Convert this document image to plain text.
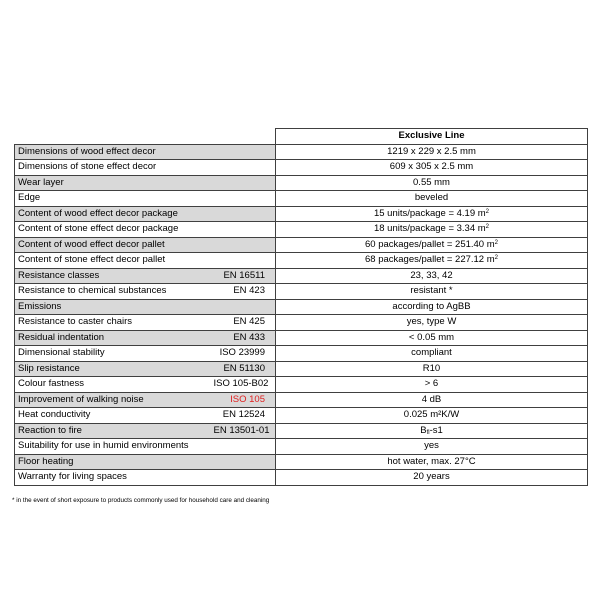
		Exclusive Line
Dimensions of wood effect decor		1219 x 229 x 2.5 mm
Dimensions of stone effect decor		609 x 305 x 2.5 mm
Wear layer		0.55 mm
Edge		beveled
Content of wood effect decor package		15 units/package = 4.19 $m^2$
Content of stone effect decor package		18 units/package = 3.34 $m^2$
Content of wood effect decor pallet		60 packages/pallet = 251.40 $m^2$
Content of stone effect decor pallet		68 packages/pallet = 227.12 $m^2$
Resistance classes	EN 16511	23, 33, 42
Resistance to chemical substances	EN 423	resistant *
Emissions		according to AgBB
Resistance to caster chairs	EN 425	yes, type W
Residual indentation	EN 433	< 0.05 mm
Dimensional stability	ISO 23999	compliant
Slip resistance	EN 51130	R10
Colour fastness	ISO 105-B02	> 6
Improvement of walking noise	ISO 105	4 dB
Heat conductivity	EN 12524	0.025 m²K/W
Reaction to fire	EN 13501-01	$B_{fl}-s1$
Suitability for use in humid environments		yes
Floor heating		hot water, max. 27°C
Warranty for living spaces		20 years
* in the event of short exposure to products commonly used for household care and cleaning
